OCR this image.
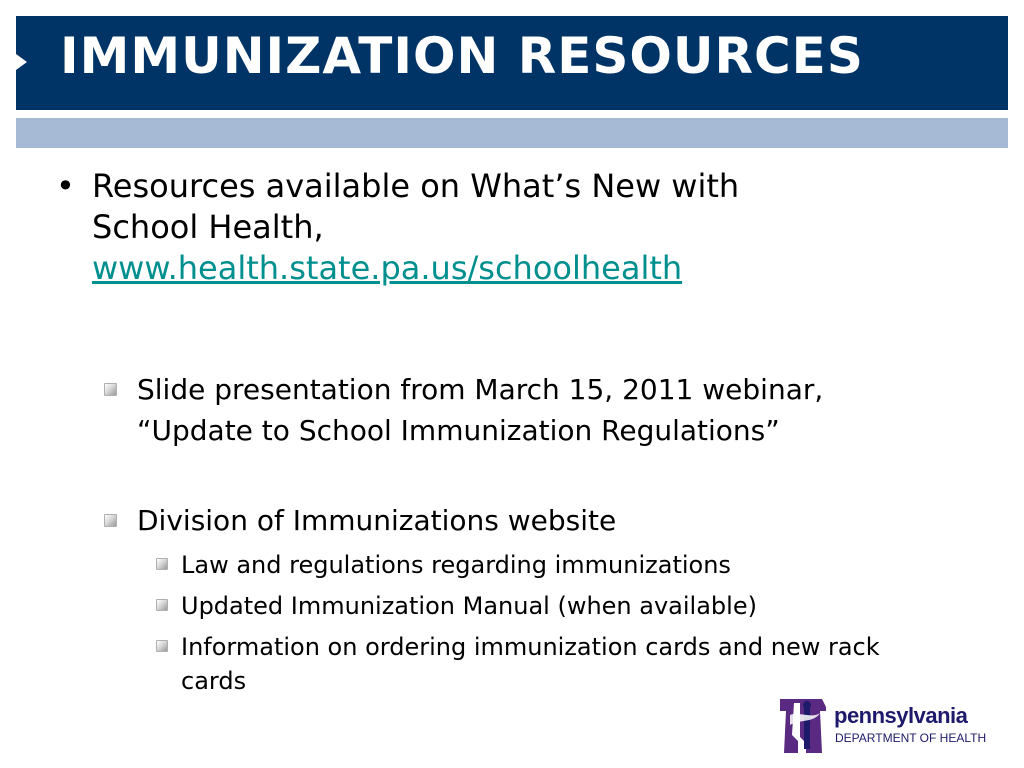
IMMUNIZATION RESOURCES
• Resources available on What’s New with
School Health,
www.health.state.pa.us/schoolhealth
Slide presentation from March 15, 2011 webinar, “Update to School Immunization Regulations”
Division of Immunizations website
Law and regulations regarding immunizations
Updated Immunization Manual (when available)
Information on ordering immunization cards and new rack cards
pennsylvania
DEPARTMENT OF HEALTH
